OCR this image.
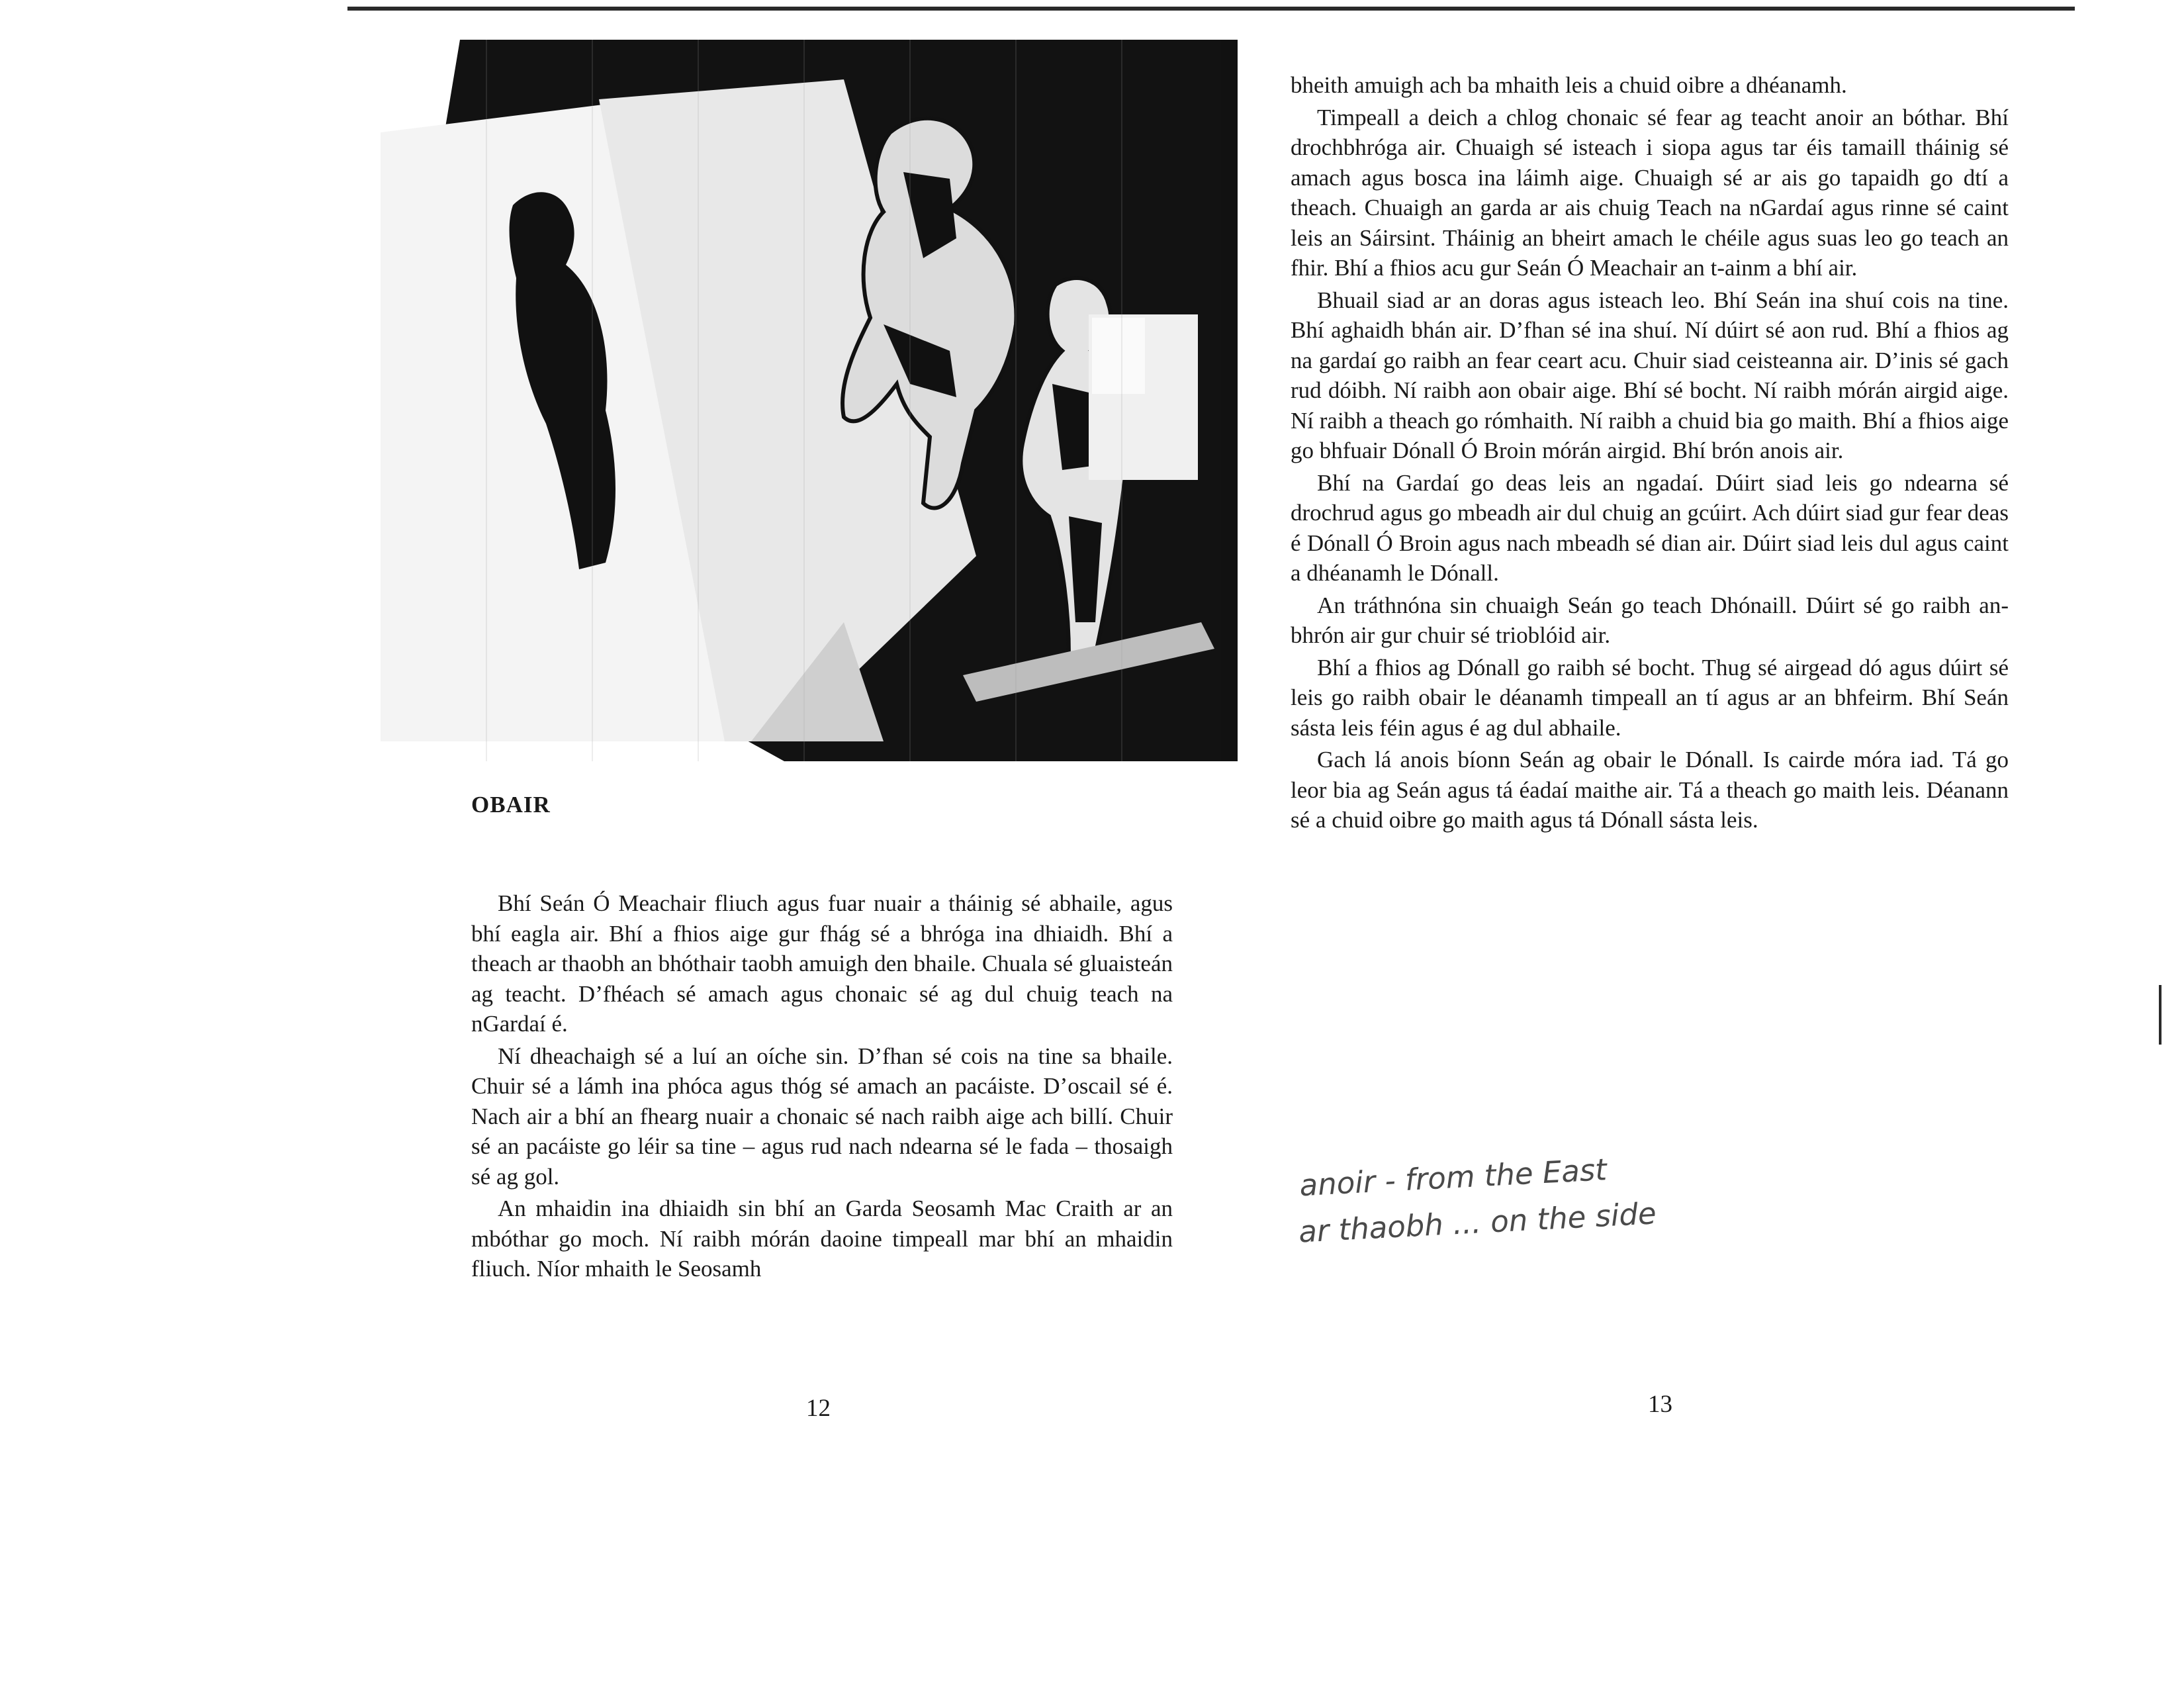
OBAIR

Bhí Seán Ó Meachair fliuch agus fuar nuair a tháinig sé abhaile, agus bhí eagla air. Bhí a fhios aige gur fhág sé a bhróga ina dhiaidh. Bhí a theach ar thaobh an bhóthair taobh amuigh den bhaile. Chuala sé gluaisteán ag teacht. D’fhéach sé amach agus chonaic sé ag dul chuig teach na nGardaí é.

Ní dheachaigh sé a luí an oíche sin. D’fhan sé cois na tine sa bhaile. Chuir sé a lámh ina phóca agus thóg sé amach an pacáiste. D’oscail sé é. Nach air a bhí an fhearg nuair a chonaic sé nach raibh aige ach billí. Chuir sé an pacáiste go léir sa tine – agus rud nach ndearna sé le fada – thosaigh sé ag gol.

An mhaidin ina dhiaidh sin bhí an Garda Seosamh Mac Craith ar an mbóthar go moch. Ní raibh mórán daoine timpeall mar bhí an mhaidin fliuch. Níor mhaith le Seosamh

12

bheith amuigh ach ba mhaith leis a chuid oibre a dhéanamh.

Timpeall a deich a chlog chonaic sé fear ag teacht anoir an bóthar. Bhí drochbhróga air. Chuaigh sé isteach i siopa agus tar éis tamaill tháinig sé amach agus bosca ina láimh aige. Chuaigh sé ar ais go tapaidh go dtí a theach. Chuaigh an garda ar ais chuig Teach na nGardaí agus rinne sé caint leis an Sáirsint. Tháinig an bheirt amach le chéile agus suas leo go teach an fhir. Bhí a fhios acu gur Seán Ó Meachair an t-ainm a bhí air.

Bhuail siad ar an doras agus isteach leo. Bhí Seán ina shuí cois na tine. Bhí aghaidh bhán air. D’fhan sé ina shuí. Ní dúirt sé aon rud. Bhí a fhios ag na gardaí go raibh an fear ceart acu. Chuir siad ceisteanna air. D’inis sé gach rud dóibh. Ní raibh aon obair aige. Bhí sé bocht. Ní raibh mórán airgid aige. Ní raibh a theach go rómhaith. Ní raibh a chuid bia go maith. Bhí a fhios aige go bhfuair Dónall Ó Broin mórán airgid. Bhí brón anois air.

Bhí na Gardaí go deas leis an ngadaí. Dúirt siad leis go ndearna sé drochrud agus go mbeadh air dul chuig an gcúirt. Ach dúirt siad gur fear deas é Dónall Ó Broin agus nach mbeadh sé dian air. Dúirt siad leis dul agus caint a dhéanamh le Dónall.

An tráthnóna sin chuaigh Seán go teach Dhónaill. Dúirt sé go raibh an-bhrón air gur chuir sé trioblóid air.

Bhí a fhios ag Dónall go raibh sé bocht. Thug sé airgead dó agus dúirt sé leis go raibh obair le déanamh timpeall an tí agus ar an bhfeirm. Bhí Seán sásta leis féin agus é ag dul abhaile.

Gach lá anois bíonn Seán ag obair le Dónall. Is cairde móra iad. Tá go leor bia ag Seán agus tá éadaí maithe air. Tá a theach go maith leis. Déanann sé a chuid oibre go maith agus tá Dónall sásta leis.

anoir - from the East
ar thaobh ... on the side
13
